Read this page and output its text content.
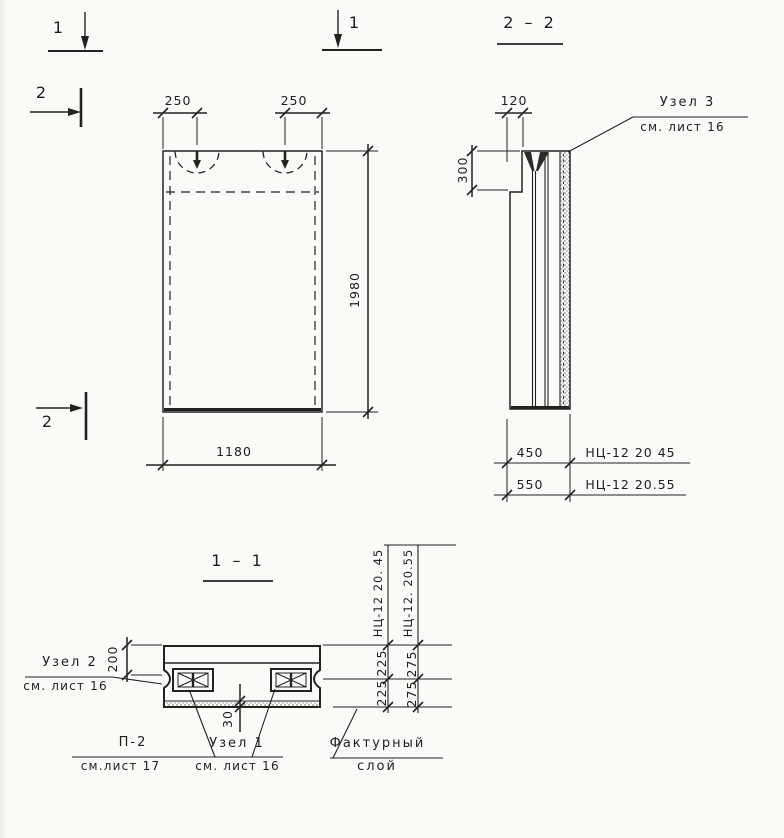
1	1
2
2
250	250
1980
1180
2 – 2
120
300
Узел 3
см. лист 16
450	НЦ-12 20 45
550	НЦ-12 20.55
1 – 1
200
30
225
225
275
275
НЦ-12 20. 45 НЦ-12. 20.55
Узел 2
см. лист 16
П-2
см.лист 17
Узел 1
см. лист 16
Фактурный
слой
